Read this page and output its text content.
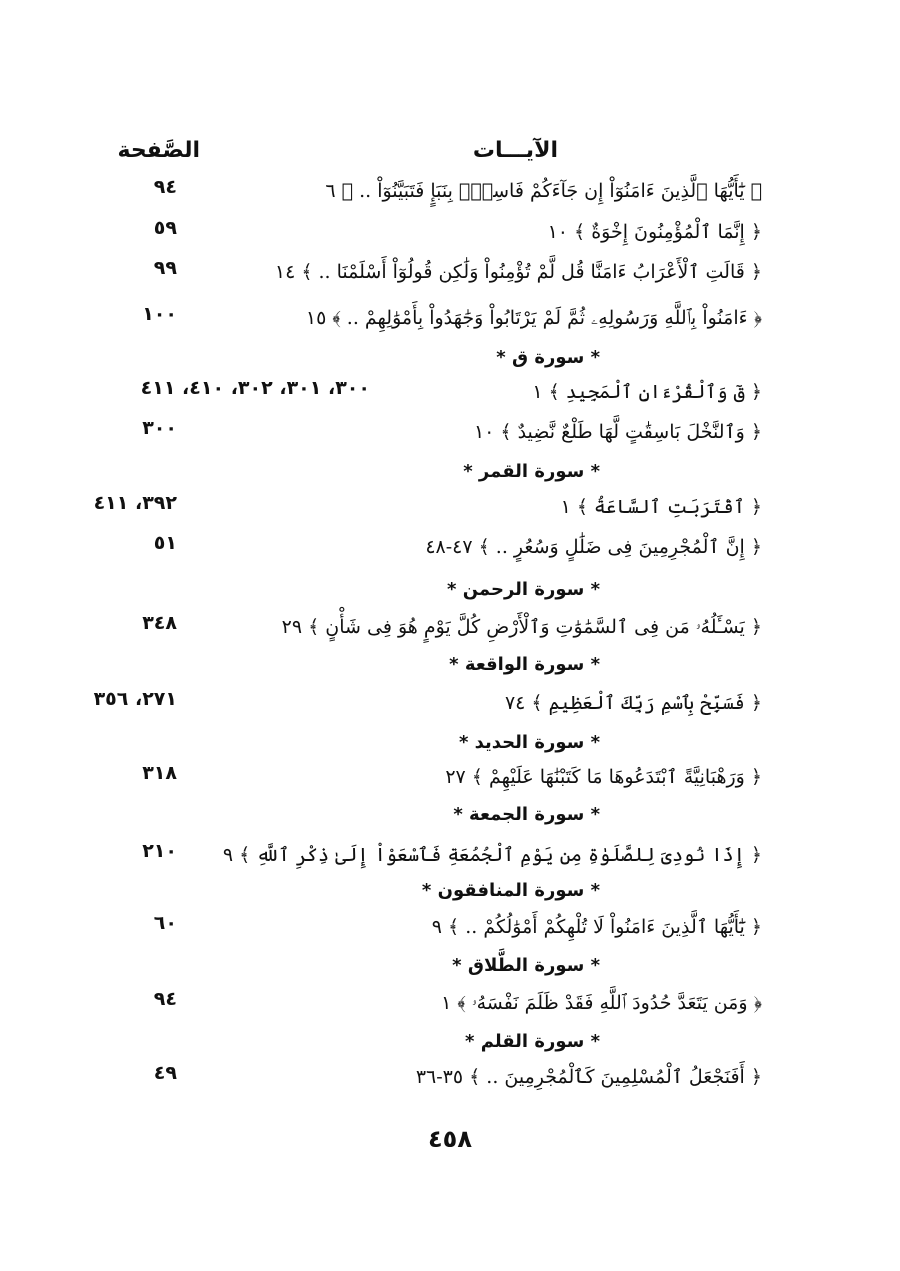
الآيـــات
الصَّفحة
﴿ يَٰٓأَيُّهَا ٱلَّذِينَ ءَامَنُوٓاْ إِن جَآءَكُمْ فَاسِقُۢ بِنَبَإٍ فَتَبَيَّنُوٓاْ .. ﴾ ٦
٩٤
﴿ إِنَّمَا ٱلْمُؤْمِنُونَ إِخْوَةٌ ﴾ ١٠
٥٩
﴿ قَالَتِ ٱلْأَعْرَابُ ءَامَنَّا قُل لَّمْ تُؤْمِنُواْ وَلَٰكِن قُولُوٓاْ أَسْلَمْنَا .. ﴾ ١٤
٩٩
﴿ ءَامَنُواْ بِٱللَّهِ وَرَسُولِهِۦ ثُمَّ لَمْ يَرْتَابُواْ وَجَٰهَدُواْ بِأَمْوَٰلِهِمْ .. ﴾ ١٥
١٠٠
* سورة ق *
﴿ قٓ وَٱلْقُرْءَانِ ٱلْمَجِيدِ ﴾ ١
٣٠٠، ٣٠١، ٣٠٢، ٤١٠، ٤١١
﴿ وَٱلنَّخْلَ بَاسِقَٰتٍ لَّهَا طَلْعٌ نَّضِيدٌ ﴾ ١٠
٣٠٠
* سورة القمر *
﴿ ٱقْتَرَبَتِ ٱلسَّاعَةُ ﴾ ١
٣٩٢، ٤١١
﴿ إِنَّ ٱلْمُجْرِمِينَ فِى ضَلَٰلٍ وَسُعُرٍ .. ﴾ ٤٧-٤٨
٥١
* سورة الرحمن *
﴿ يَسْـَٔلُهُۥ مَن فِى ٱلسَّمَٰوَٰتِ وَٱلْأَرْضِ كُلَّ يَوْمٍ هُوَ فِى شَأْنٍ ﴾ ٢٩
٣٤٨
* سورة الواقعة *
﴿ فَسَبِّحْ بِٱسْمِ رَبِّكَ ٱلْعَظِيمِ ﴾ ٧٤
٢٧١، ٣٥٦
* سورة الحديد *
﴿ وَرَهْبَانِيَّةً ٱبْتَدَعُوهَا مَا كَتَبْنَٰهَا عَلَيْهِمْ ﴾ ٢٧
٣١٨
* سورة الجمعة *
﴿ إِذَا نُودِىَ لِلصَّلَوٰةِ مِن يَوْمِ ٱلْجُمُعَةِ فَٱسْعَوْاْ إِلَىٰ ذِكْرِ ٱللَّهِ ﴾ ٩
٢١٠
* سورة المنافقون *
﴿ يَٰٓأَيُّهَا ٱلَّذِينَ ءَامَنُواْ لَا تُلْهِكُمْ أَمْوَٰلُكُمْ .. ﴾ ٩
٦٠
* سورة الطَّلاق *
﴿ وَمَن يَتَعَدَّ حُدُودَ ٱللَّهِ فَقَدْ ظَلَمَ نَفْسَهُۥ ﴾ ١
٩٤
* سورة القلم *
﴿ أَفَنَجْعَلُ ٱلْمُسْلِمِينَ كَٱلْمُجْرِمِينَ .. ﴾ ٣٥-٣٦
٤٩
٤٥٨
